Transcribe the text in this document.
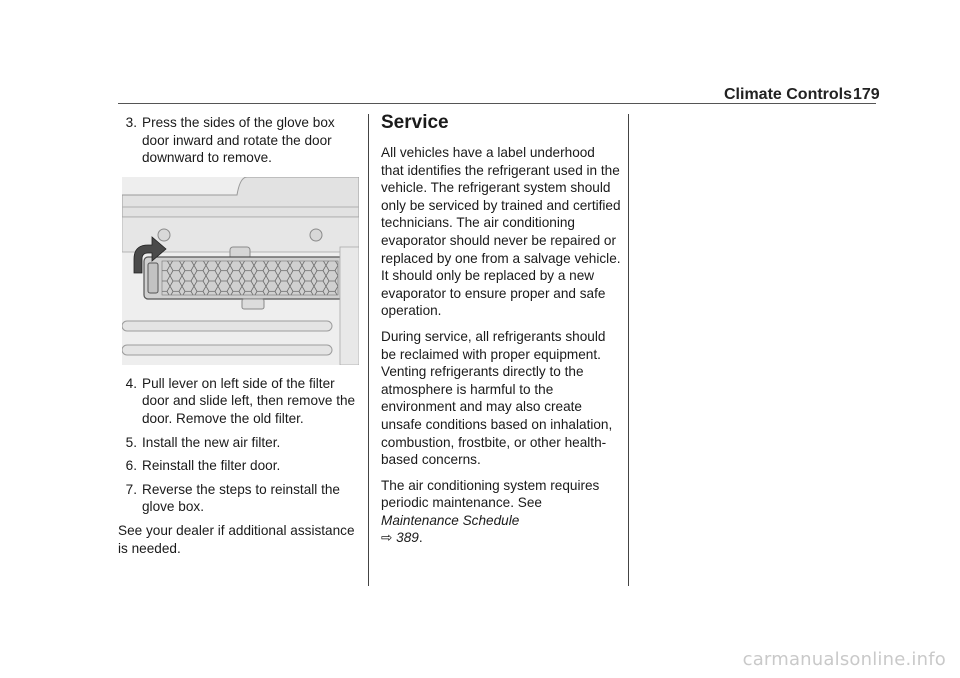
Climate Controls 179
3. Press the sides of the glove box door inward and rotate the door downward to remove.
4. Pull lever on left side of the filter door and slide left, then remove the door. Remove the old filter.
5. Install the new air filter.
6. Reinstall the filter door.
7. Reverse the steps to reinstall the glove box.

See your dealer if additional assistance is needed.

Service

All vehicles have a label underhood that identifies the refrigerant used in the vehicle. The refrigerant system should only be serviced by trained and certified technicians. The air conditioning evaporator should never be repaired or replaced by one from a salvage vehicle. It should only be replaced by a new evaporator to ensure proper and safe operation.

During service, all refrigerants should be reclaimed with proper equipment. Venting refrigerants directly to the atmosphere is harmful to the environment and may also create unsafe conditions based on inhalation, combustion, frostbite, or other health-based concerns.

The air conditioning system requires periodic maintenance. See Maintenance Schedule
⇨ 389.

carmanualsonline.info
